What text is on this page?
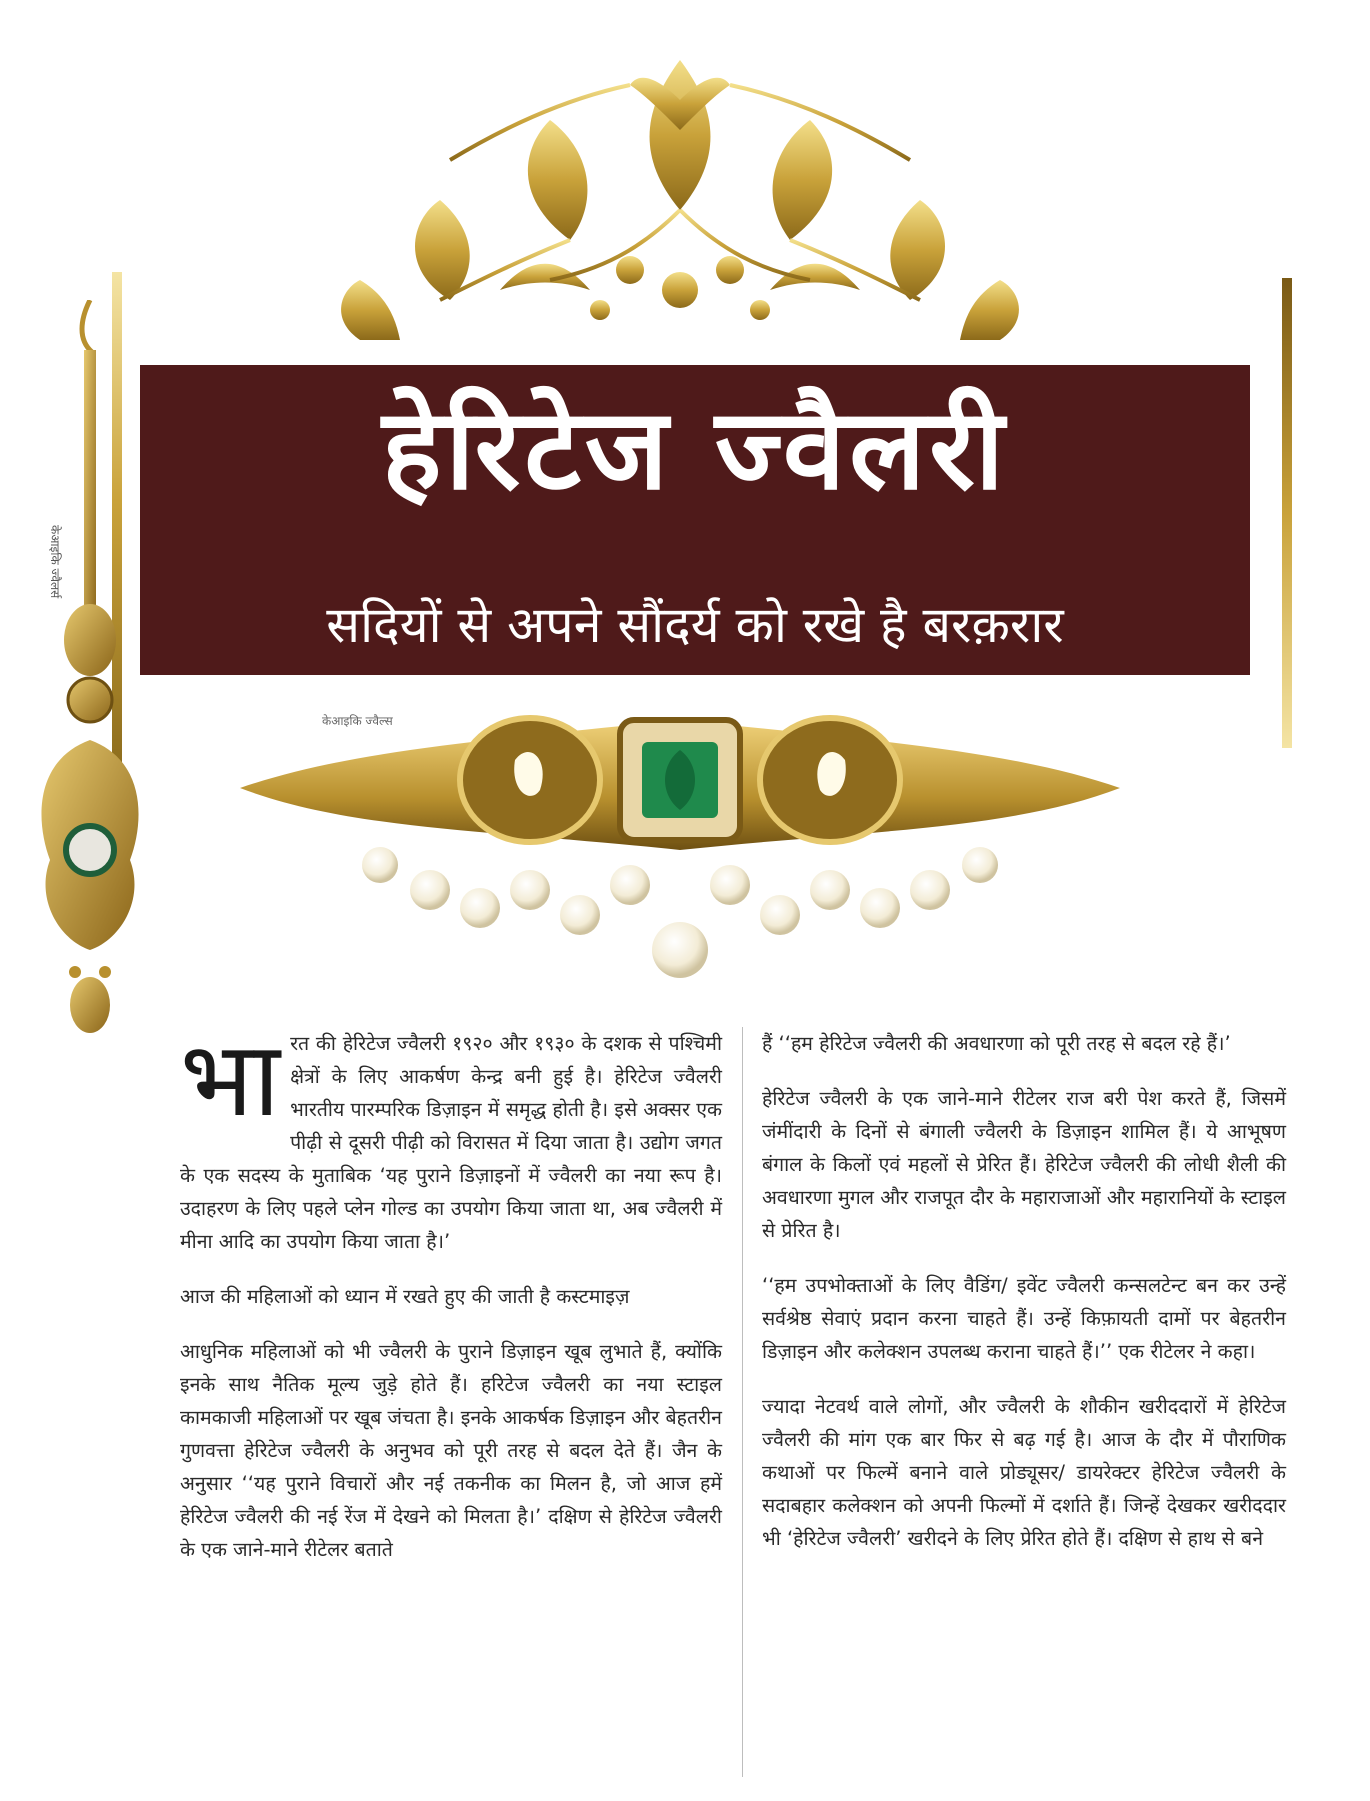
हेरिटेज ज्वैलरी
सदियों से अपने सौंदर्य को रखे है बरक़रार
केआइकि ज्वैलर्स
केआइकि ज्वैल्स

भारत की हेरिटेज ज्वैलरी १९२० और १९३० के दशक से पश्चिमी क्षेत्रों के लिए आकर्षण केन्द्र बनी हुई है। हेरिटेज ज्वैलरी भारतीय पारम्परिक डिज़ाइन में समृद्ध होती है। इसे अक्सर एक पीढ़ी से दूसरी पीढ़ी को विरासत में दिया जाता है। उद्योग जगत के एक सदस्य के मुताबिक ‘यह पुराने डिज़ाइनों में ज्वैलरी का नया रूप है। उदाहरण के लिए पहले प्लेन गोल्ड का उपयोग किया जाता था, अब ज्वैलरी में मीना आदि का उपयोग किया जाता है।’

आज की महिलाओं को ध्यान में रखते हुए की जाती है कस्टमाइज़

आधुनिक महिलाओं को भी ज्वैलरी के पुराने डिज़ाइन खूब लुभाते हैं, क्योंकि इनके साथ नैतिक मूल्य जुड़े होते हैं। हरिटेज ज्वैलरी का नया स्टाइल कामकाजी महिलाओं पर खूब जंचता है। इनके आकर्षक डिज़ाइन और बेहतरीन गुणवत्ता हेरिटेज ज्वैलरी के अनुभव को पूरी तरह से बदल देते हैं। जैन के अनुसार ‘‘यह पुराने विचारों और नई तकनीक का मिलन है, जो आज हमें हेरिटेज ज्वैलरी की नई रेंज में देखने को मिलता है।’ दक्षिण से हेरिटेज ज्वैलरी के एक जाने-माने रीटेलर बताते

हैं ‘‘हम हेरिटेज ज्वैलरी की अवधारणा को पूरी तरह से बदल रहे हैं।’

हेरिटेज ज्वैलरी के एक जाने-माने रीटेलर राज बरी पेश करते हैं, जिसमें जंमींदारी के दिनों से बंगाली ज्वैलरी के डिज़ाइन शामिल हैं। ये आभूषण बंगाल के किलों एवं महलों से प्रेरित हैं। हेरिटेज ज्वैलरी की लोधी शैली की अवधारणा मुगल और राजपूत दौर के महाराजाओं और महारानियों के स्टाइल से प्रेरित है।

‘‘हम उपभोक्ताओं के लिए वैडिंग/ इवेंट ज्वैलरी कन्सलटेन्ट बन कर उन्हें सर्वश्रेष्ठ सेवाएं प्रदान करना चाहते हैं। उन्हें किफ़ायती दामों पर बेहतरीन डिज़ाइन और कलेक्शन उपलब्ध कराना चाहते हैं।’’ एक रीटेलर ने कहा।

ज्यादा नेटवर्थ वाले लोगों, और ज्वैलरी के शौकीन खरीददारों में हेरिटेज ज्वैलरी की मांग एक बार फिर से बढ़ गई है। आज के दौर में पौराणिक कथाओं पर फिल्में बनाने वाले प्रोड्यूसर/ डायरेक्टर हेरिटेज ज्वैलरी के सदाबहार कलेक्शन को अपनी फिल्मों में दर्शाते हैं। जिन्हें देखकर खरीददार भी ‘हेरिटेज ज्वैलरी’ खरीदने के लिए प्रेरित होते हैं। दक्षिण से हाथ से बने
